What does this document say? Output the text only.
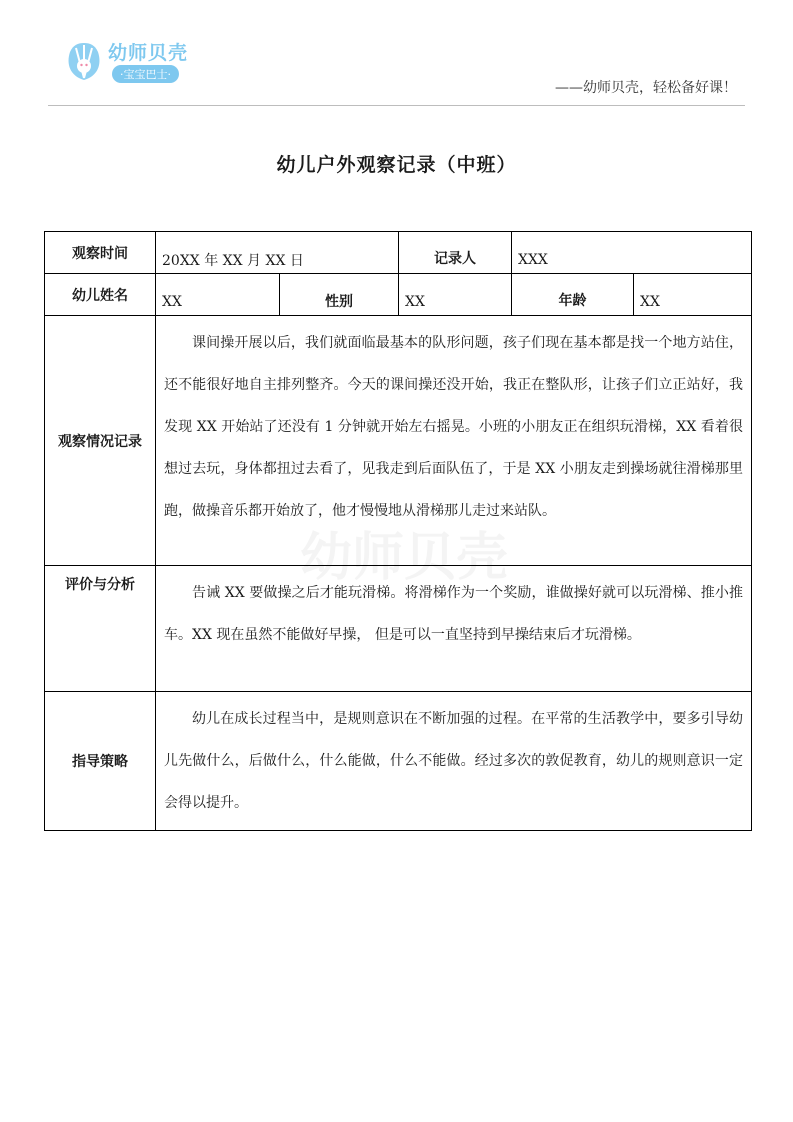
幼师贝壳
·宝宝巴士·
——幼师贝壳，轻松备好课！
幼儿户外观察记录（中班）
观察时间	20XX 年 XX 月 XX 日		记录人	XXX	
幼儿姓名	XX	性别	XX	年龄	XX
观察情况记录	课间操开展以后，我们就面临最基本的队形问题，孩子们现在基本都是找一个地方站住，还不能很好地自主排列整齐。今天的课间操还没开始，我正在整队形，让孩子们立正站好，我发现 XX 开始站了还没有 1 分钟就开始左右摇晃。小班的小朋友正在组织玩滑梯，XX 看着很想过去玩，身体都扭过去看了，见我走到后面队伍了，于是 XX 小朋友走到操场就往滑梯那里跑，做操音乐都开始放了，他才慢慢地从滑梯那儿走过来站队。				
评价与分析	告诫 XX 要做操之后才能玩滑梯。将滑梯作为一个奖励，谁做操好就可以玩滑梯、推小推车。XX 现在虽然不能做好早操， 但是可以一直坚持到早操结束后才玩滑梯。				
指导策略	幼儿在成长过程当中，是规则意识在不断加强的过程。在平常的生活教学中，要多引导幼儿先做什么，后做什么，什么能做，什么不能做。经过多次的敦促教育，幼儿的规则意识一定会得以提升。				
